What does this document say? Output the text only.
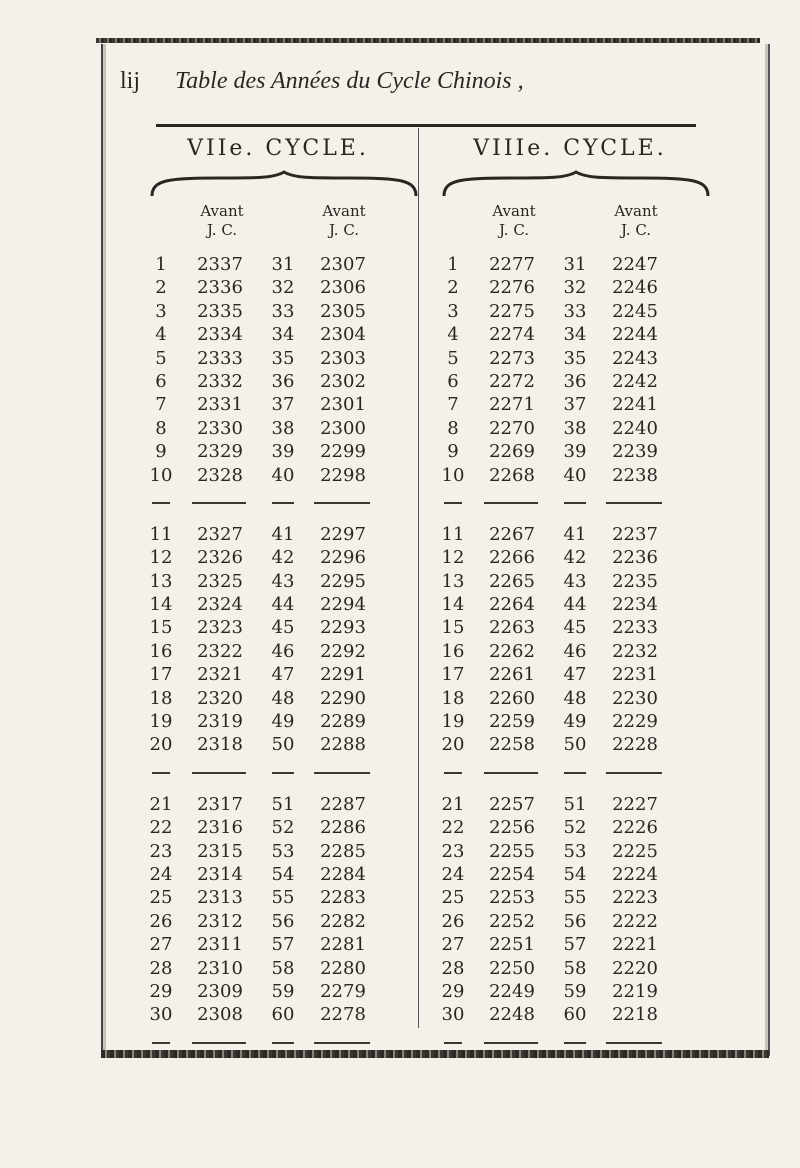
lij Table des Années du Cycle Chinois ,
VIIe. CYCLE.
Avant
J. C.
Avant
J. C.
1	2337	31	2307
2	2336	32	2306
3	2335	33	2305
4	2334	34	2304
5	2333	35	2303
6	2332	36	2302
7	2331	37	2301
8	2330	38	2300
9	2329	39	2299
10	2328	40	2298
11	2327	41	2297
12	2326	42	2296
13	2325	43	2295
14	2324	44	2294
15	2323	45	2293
16	2322	46	2292
17	2321	47	2291
18	2320	48	2290
19	2319	49	2289
20	2318	50	2288
21	2317	51	2287
22	2316	52	2286
23	2315	53	2285
24	2314	54	2284
25	2313	55	2283
26	2312	56	2282
27	2311	57	2281
28	2310	58	2280
29	2309	59	2279
30	2308	60	2278
VIIIe. CYCLE.
Avant
J. C.
Avant
J. C.
1	2277	31	2247
2	2276	32	2246
3	2275	33	2245
4	2274	34	2244
5	2273	35	2243
6	2272	36	2242
7	2271	37	2241
8	2270	38	2240
9	2269	39	2239
10	2268	40	2238
11	2267	41	2237
12	2266	42	2236
13	2265	43	2235
14	2264	44	2234
15	2263	45	2233
16	2262	46	2232
17	2261	47	2231
18	2260	48	2230
19	2259	49	2229
20	2258	50	2228
21	2257	51	2227
22	2256	52	2226
23	2255	53	2225
24	2254	54	2224
25	2253	55	2223
26	2252	56	2222
27	2251	57	2221
28	2250	58	2220
29	2249	59	2219
30	2248	60	2218
